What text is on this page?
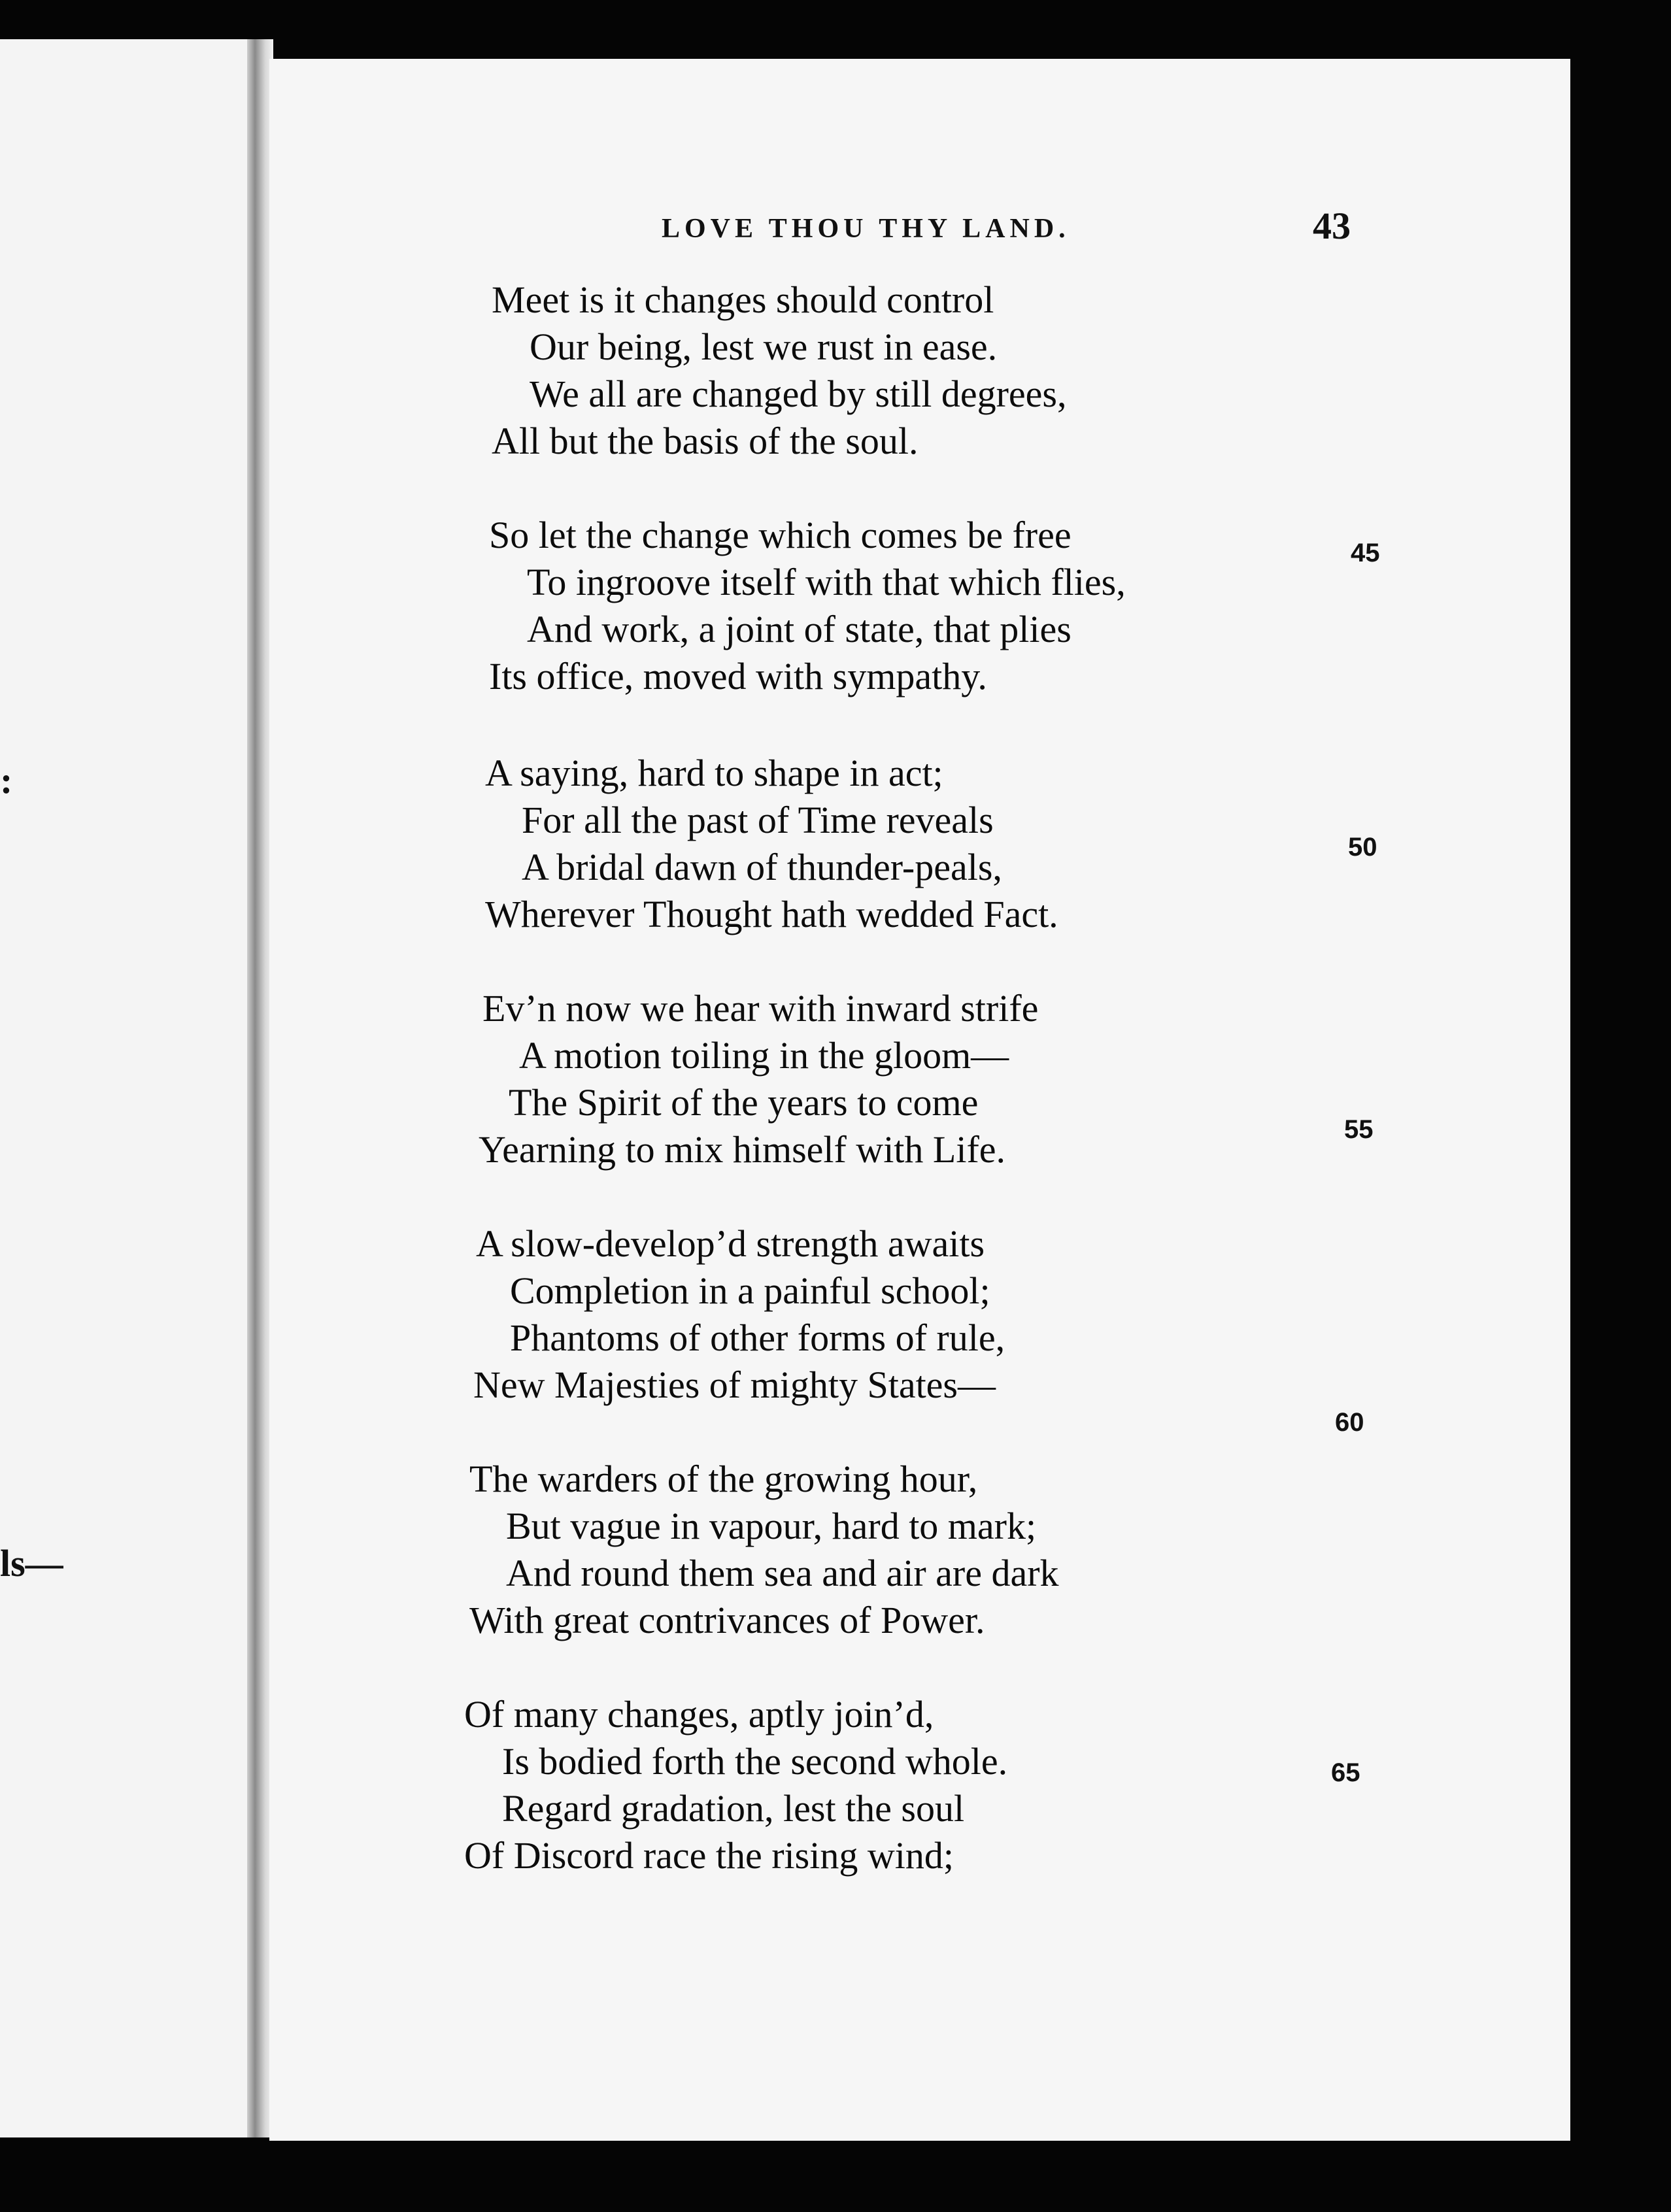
:
ls—
LOVE THOU THY LAND.	43
Meet is it changes should control
Our being, lest we rust in ease.
We all are changed by still degrees,
All but the basis of the soul.
So let the change which comes be free
To ingroove itself with that which flies,
And work, a joint of state, that plies
Its office, moved with sympathy.
A saying, hard to shape in act;
For all the past of Time reveals
A bridal dawn of thunder-peals,
Wherever Thought hath wedded Fact.
Ev’n now we hear with inward strife
A motion toiling in the gloom—
The Spirit of the years to come
Yearning to mix himself with Life.
A slow-develop’d strength awaits
Completion in a painful school;
Phantoms of other forms of rule,
New Majesties of mighty States—
The warders of the growing hour,
But vague in vapour, hard to mark;
And round them sea and air are dark
With great contrivances of Power.
Of many changes, aptly join’d,
Is bodied forth the second whole.
Regard gradation, lest the soul
Of Discord race the rising wind;
45
50
55
60
65
